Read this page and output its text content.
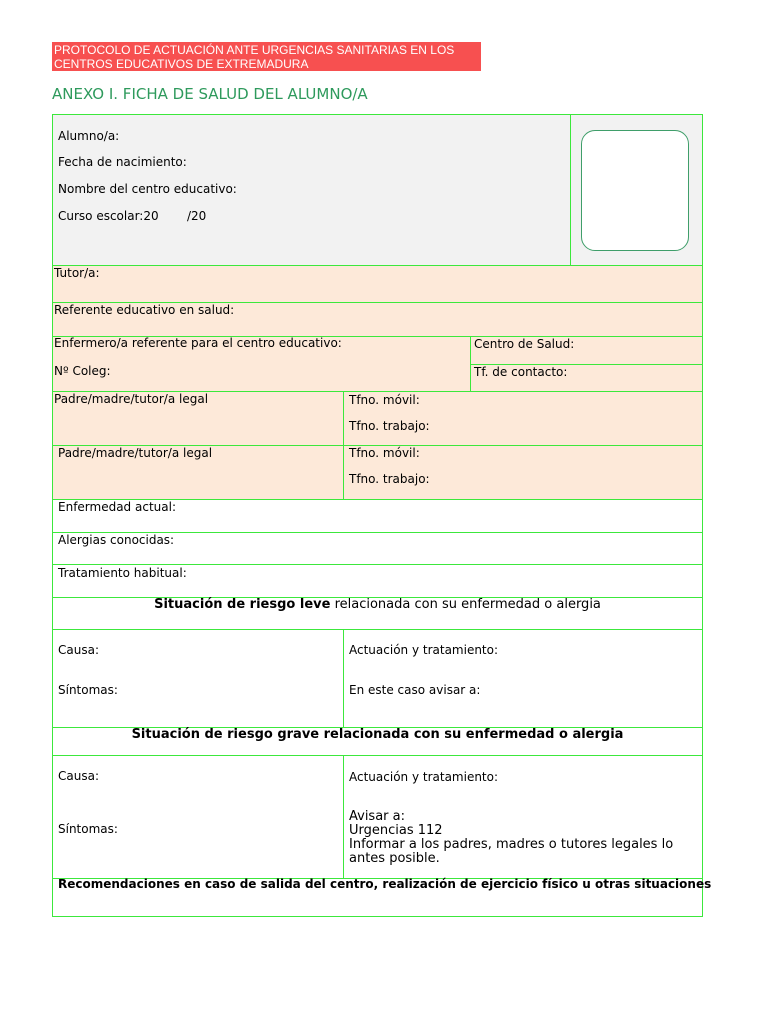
PROTOCOLO DE ACTUACIÓN ANTE URGENCIAS SANITARIAS EN LOS
CENTROS EDUCATIVOS DE EXTREMADURA
ANEXO I. FICHA DE SALUD DEL ALUMNO/A
Alumno/a:
Fecha de nacimiento:
Nombre del centro educativo:
Curso escolar:20 /20
Tutor/a:
Referente educativo en salud:
Enfermero/a referente para el centro educativo:
Nº Coleg:
Centro de Salud:
Tf. de contacto:
Padre/madre/tutor/a legal	Tfno. móvil:
Tfno. trabajo:
Padre/madre/tutor/a legal	Tfno. móvil:
Tfno. trabajo:
Enfermedad actual:
Alergias conocidas:
Tratamiento habitual:
Situación de riesgo leve relacionada con su enfermedad o alergia
Causa:
Síntomas:
Actuación y tratamiento:
En este caso avisar a:
Situación de riesgo grave relacionada con su enfermedad o alergia
Causa:
Síntomas:
Actuación y tratamiento:
Avisar a:
Urgencias 112
Informar a los padres, madres o tutores legales lo
antes posible.
Recomendaciones en caso de salida del centro, realización de ejercicio físico u otras situaciones
